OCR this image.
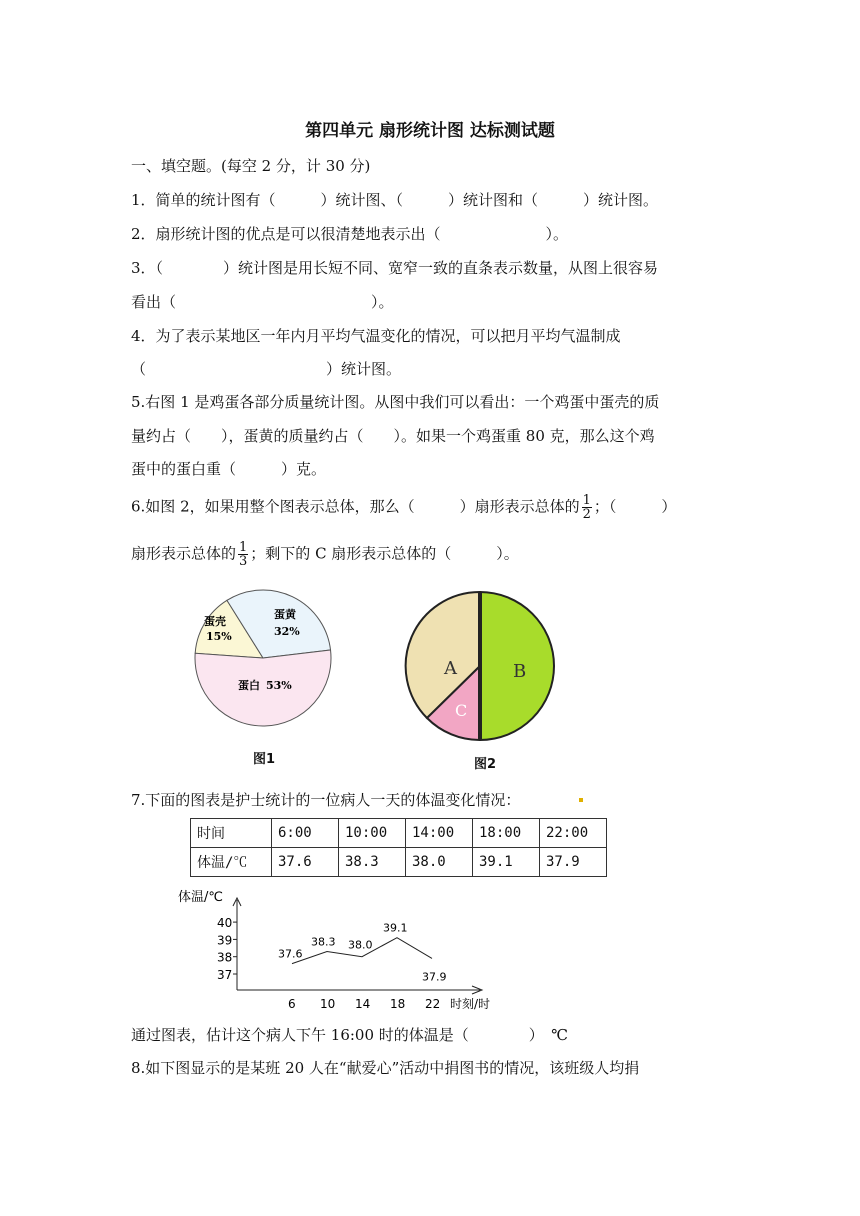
第四单元 扇形统计图 达标测试题
一、填空题。(每空 2 分，计 30 分)
1．简单的统计图有（　　　）统计图、（　　　）统计图和（　　　）统计图。
2．扇形统计图的优点是可以很清楚地表示出（　　　　　　　）。
3．（　　　　）统计图是用长短不同、宽窄一致的直条表示数量，从图上很容易
看出（　　　　　　　　　　　　　）。
4．为了表示某地区一年内月平均气温变化的情况，可以把月平均气温制成
（　　　　　　　　　　　　）统计图。
5.右图 1 是鸡蛋各部分质量统计图。从图中我们可以看出：一个鸡蛋中蛋壳的质
量约占（　　），蛋黄的质量约占（　　）。如果一个鸡蛋重 80 克，那么这个鸡
蛋中的蛋白重（　　　）克。
6.如图 2，如果用整个图表示总体，那么（　　　）扇形表示总体的 $\frac{1}{2}$ ；（　　　）
扇形表示总体的 $\frac{1}{3}$ ；剩下的 C 扇形表示总体的（　　　）。
蛋壳
15%
蛋黄
32%
蛋白 53%
图1
A	B
C
图2
7.下面的图表是护士统计的一位病人一天的体温变化情况：
时间	6:00	10:00	14:00	18:00	22:00
体温/℃	37.6	38.3	38.0	39.1	37.9
体温/℃
时刻/时
37
38
39
40
6 10 14 18 22
37.6
38.3 38.0
39.1
37.9
通过图表，估计这个病人下午 16:00 时的体温是（　　　　）　℃
8.如下图显示的是某班 20 人在“献爱心”活动中捐图书的情况，该班级人均捐
